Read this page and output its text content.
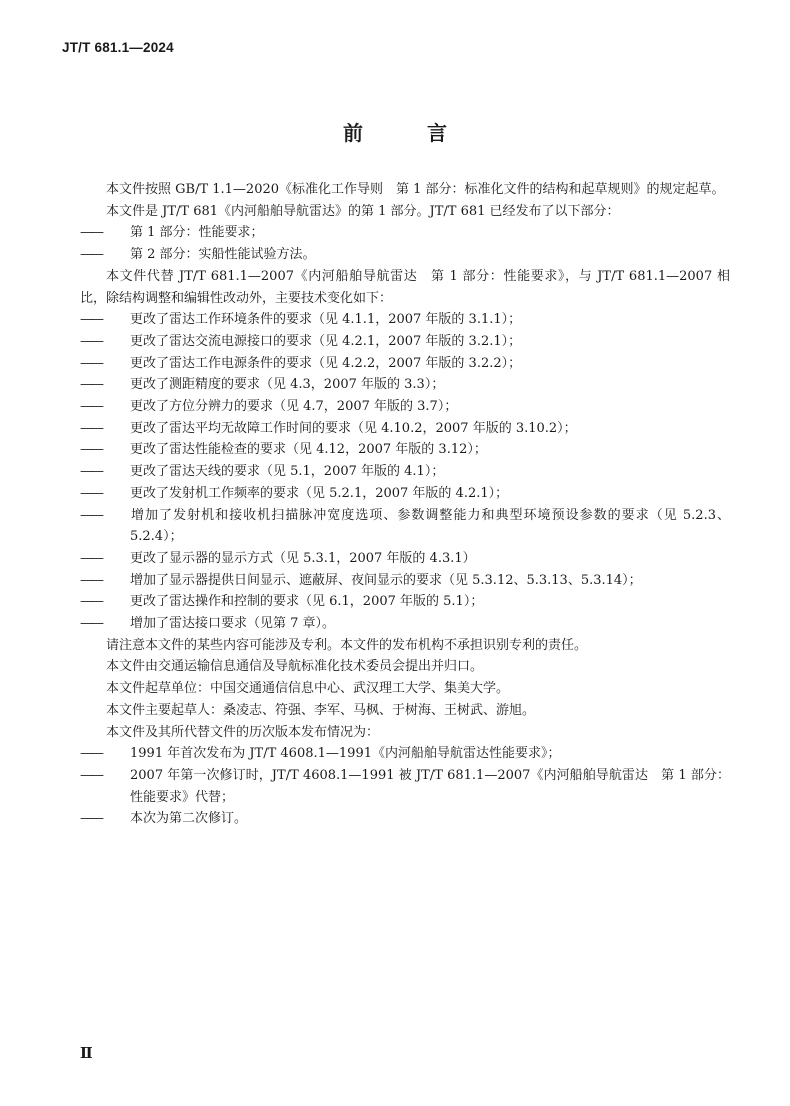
JT/T 681.1—2024
前　言

本文件按照 GB/T 1.1—2020《标准化工作导则　第 1 部分：标准化文件的结构和起草规则》的规定起草。

本文件是 JT/T 681《内河船舶导航雷达》的第 1 部分。JT/T 681 已经发布了以下部分：

—— 第 1 部分：性能要求；

—— 第 2 部分：实船性能试验方法。

本文件代替 JT/T 681.1—2007《内河船舶导航雷达　第 1 部分：性能要求》，与 JT/T 681.1—2007 相比，除结构调整和编辑性改动外，主要技术变化如下：

—— 更改了雷达工作环境条件的要求（见 4.1.1，2007 年版的 3.1.1）；

—— 更改了雷达交流电源接口的要求（见 4.2.1，2007 年版的 3.2.1）；

—— 更改了雷达工作电源条件的要求（见 4.2.2，2007 年版的 3.2.2）；

—— 更改了测距精度的要求（见 4.3，2007 年版的 3.3）；

—— 更改了方位分辨力的要求（见 4.7，2007 年版的 3.7）；

—— 更改了雷达平均无故障工作时间的要求（见 4.10.2，2007 年版的 3.10.2）；

—— 更改了雷达性能检查的要求（见 4.12，2007 年版的 3.12）；

—— 更改了雷达天线的要求（见 5.1，2007 年版的 4.1）；

—— 更改了发射机工作频率的要求（见 5.2.1，2007 年版的 4.2.1）；

—— 增加了发射机和接收机扫描脉冲宽度选项、参数调整能力和典型环境预设参数的要求（见 5.2.3、5.2.4）；

—— 更改了显示器的显示方式（见 5.3.1，2007 年版的 4.3.1）

—— 增加了显示器提供日间显示、遮蔽屏、夜间显示的要求（见 5.3.12、5.3.13、5.3.14）；

—— 更改了雷达操作和控制的要求（见 6.1，2007 年版的 5.1）；

—— 增加了雷达接口要求（见第 7 章）。

请注意本文件的某些内容可能涉及专利。本文件的发布机构不承担识别专利的责任。

本文件由交通运输信息通信及导航标准化技术委员会提出并归口。

本文件起草单位：中国交通通信信息中心、武汉理工大学、集美大学。

本文件主要起草人：桑凌志、符强、李军、马枫、于树海、王树武、游旭。

本文件及其所代替文件的历次版本发布情况为：

—— 1991 年首次发布为 JT/T 4608.1—1991《内河船舶导航雷达性能要求》；

—— 2007 年第一次修订时，JT/T 4608.1—1991 被 JT/T 681.1—2007《内河船舶导航雷达　第 1 部分：性能要求》代替；

—— 本次为第二次修订。

Ⅱ
